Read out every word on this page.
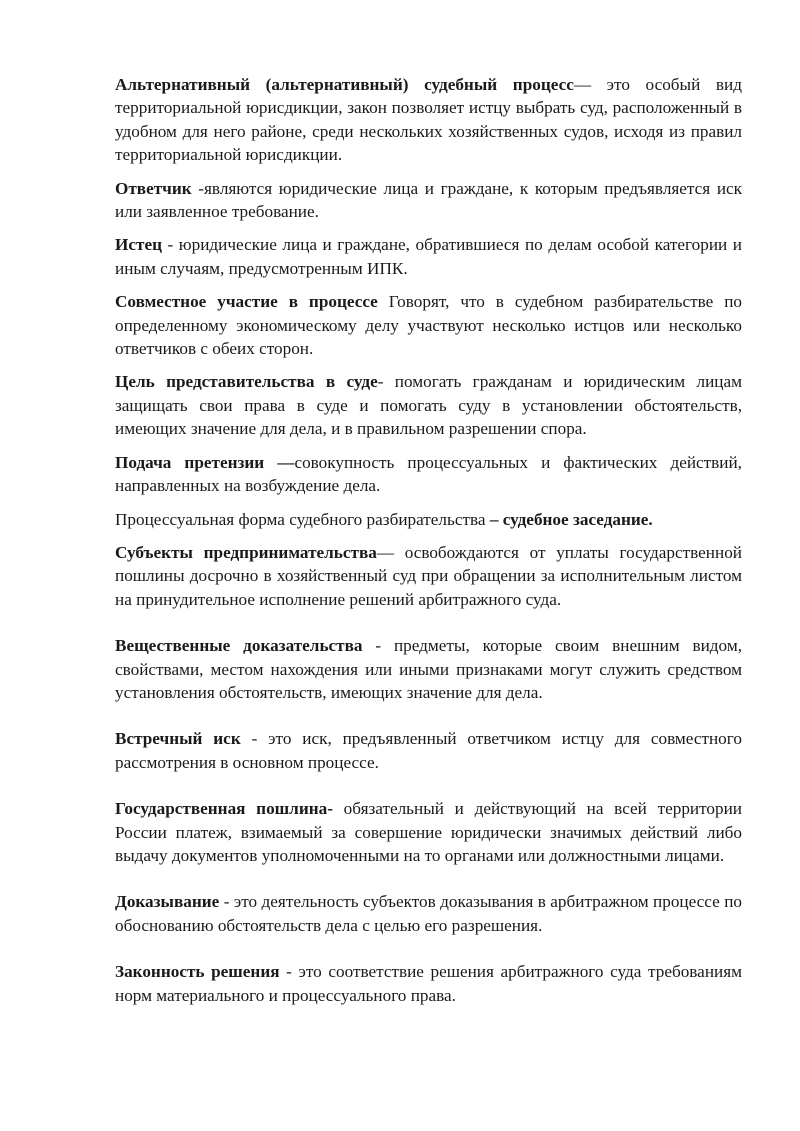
Альтернативный (альтернативный) судебный процесс— это особый вид территориальной юрисдикции, закон позволяет истцу выбрать суд, расположенный в удобном для него районе, среди нескольких хозяйственных судов, исходя из правил территориальной юрисдикции.

Ответчик -являются юридические лица и граждане, к которым предъявляется иск или заявленное требование.

Истец - юридические лица и граждане, обратившиеся по делам особой категории и иным случаям, предусмотренным ИПК.

Совместное участие в процессе Говорят, что в судебном разбирательстве по определенному экономическому делу участвуют несколько истцов или несколько ответчиков с обеих сторон.

Цель представительства в суде- помогать гражданам и юридическим лицам защищать свои права в суде и помогать суду в установлении обстоятельств, имеющих значение для дела, и в правильном разрешении спора.

Подача претензии —совокупность процессуальных и фактических действий, направленных на возбуждение дела.

Процессуальная форма судебного разбирательства – судебное заседание.

Субъекты предпринимательства— освобождаются от уплаты государственной пошлины досрочно в хозяйственный суд при обращении за исполнительным листом на принудительное исполнение решений арбитражного суда.

Вещественные доказательства - предметы, которые своим внешним видом, свойствами, местом нахождения или иными признаками могут служить средством установления обстоятельств, имеющих значение для дела.

Встречный иск - это иск, предъявленный ответчиком истцу для совместного рассмотрения в основном процессе.

Государственная пошлина- обязательный и действующий на всей территории России платеж, взимаемый за совершение юридически значимых действий либо выдачу документов уполномоченными на то органами или должностными лицами.

Доказывание - это деятельность субъектов доказывания в арбитражном процессе по обоснованию обстоятельств дела с целью его разрешения.

Законность решения - это соответствие решения арбитражного суда требованиям норм материального и процессуального права.
